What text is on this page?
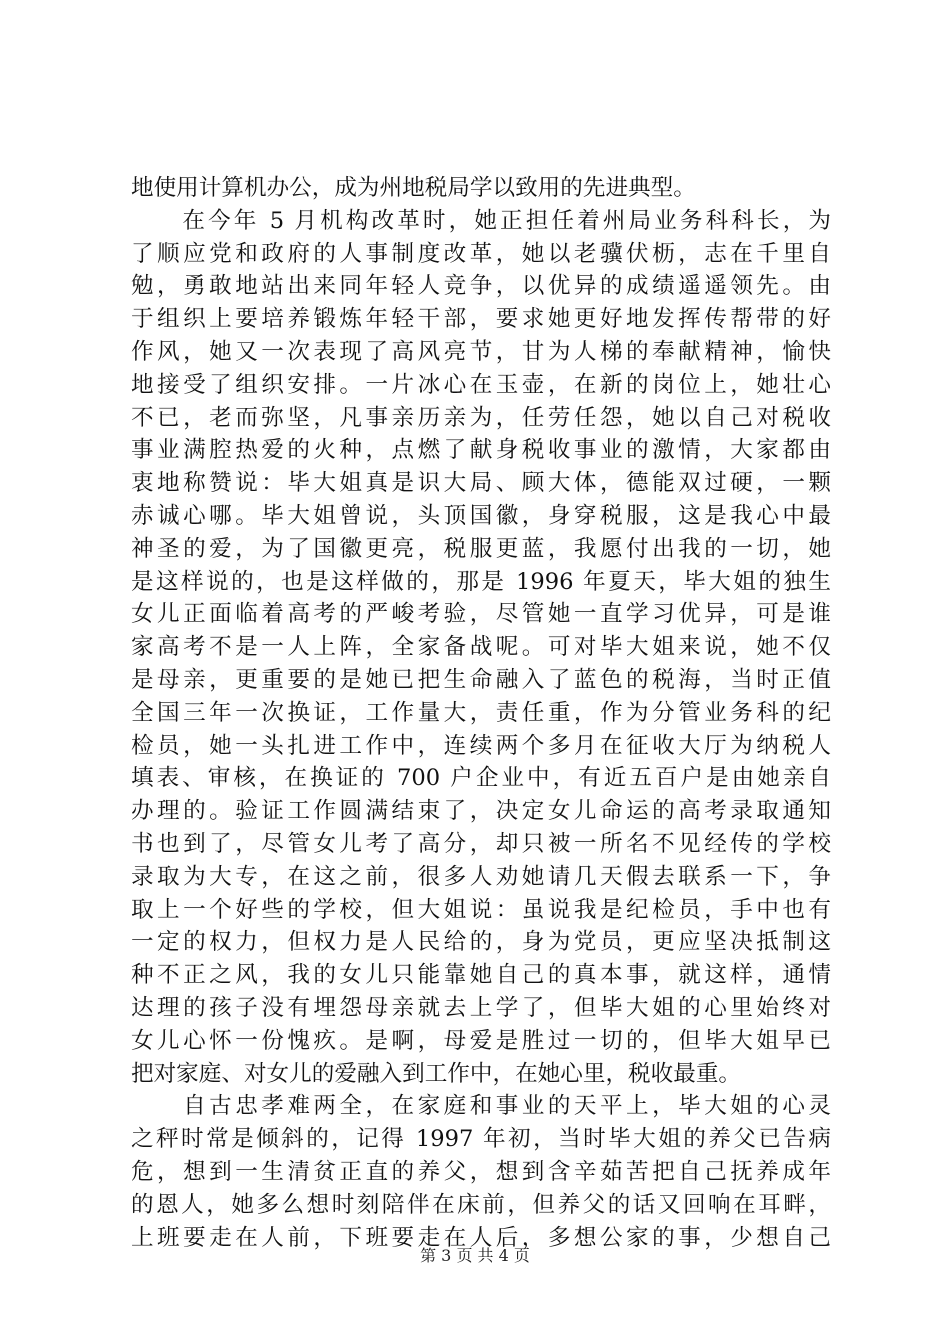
地使用计算机办公，成为州地税局学以致用的先进典型。
　　在今年 5 月机构改革时，她正担任着州局业务科科长，为
了顺应党和政府的人事制度改革，她以老骥伏枥，志在千里自
勉，勇敢地站出来同年轻人竞争，以优异的成绩遥遥领先。由
于组织上要培养锻炼年轻干部，要求她更好地发挥传帮带的好
作风，她又一次表现了高风亮节，甘为人梯的奉献精神，愉快
地接受了组织安排。一片冰心在玉壶，在新的岗位上，她壮心
不已，老而弥坚，凡事亲历亲为，任劳任怨，她以自己对税收
事业满腔热爱的火种，点燃了献身税收事业的激情，大家都由
衷地称赞说：毕大姐真是识大局、顾大体，德能双过硬，一颗
赤诚心哪。毕大姐曾说，头顶国徽，身穿税服，这是我心中最
神圣的爱，为了国徽更亮，税服更蓝，我愿付出我的一切，她
是这样说的，也是这样做的，那是 1996 年夏天，毕大姐的独生
女儿正面临着高考的严峻考验，尽管她一直学习优异，可是谁
家高考不是一人上阵，全家备战呢。可对毕大姐来说，她不仅
是母亲，更重要的是她已把生命融入了蓝色的税海，当时正值
全国三年一次换证，工作量大，责任重，作为分管业务科的纪
检员，她一头扎进工作中，连续两个多月在征收大厅为纳税人
填表、审核，在换证的 700 户企业中，有近五百户是由她亲自
办理的。验证工作圆满结束了，决定女儿命运的高考录取通知
书也到了，尽管女儿考了高分，却只被一所名不见经传的学校
录取为大专，在这之前，很多人劝她请几天假去联系一下，争
取上一个好些的学校，但大姐说：虽说我是纪检员，手中也有
一定的权力，但权力是人民给的，身为党员，更应坚决抵制这
种不正之风，我的女儿只能靠她自己的真本事，就这样，通情
达理的孩子没有埋怨母亲就去上学了，但毕大姐的心里始终对
女儿心怀一份愧疚。是啊，母爱是胜过一切的，但毕大姐早已
把对家庭、对女儿的爱融入到工作中，在她心里，税收最重。
　　自古忠孝难两全，在家庭和事业的天平上，毕大姐的心灵
之秤时常是倾斜的，记得 1997 年初，当时毕大姐的养父已告病
危，想到一生清贫正直的养父，想到含辛茹苦把自己抚养成年
的恩人，她多么想时刻陪伴在床前，但养父的话又回响在耳畔，
上班要走在人前，下班要走在人后，多想公家的事，少想自己
第 3 页 共 4 页
